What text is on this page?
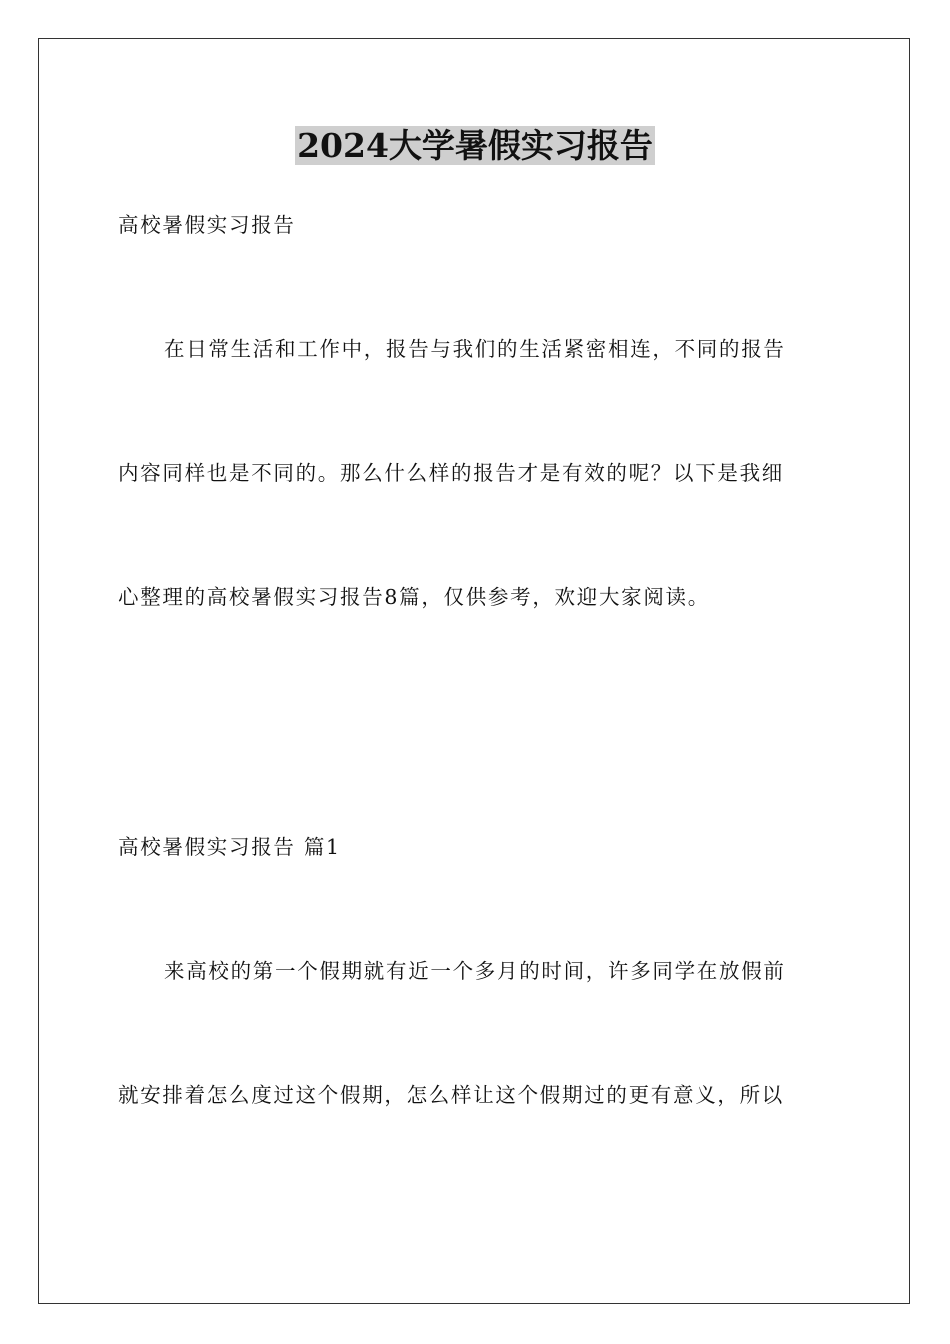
2024大学暑假实习报告

高校暑假实习报告

在日常生活和工作中，报告与我们的生活紧密相连，不同的报告

内容同样也是不同的。那么什么样的报告才是有效的呢？以下是我细

心整理的高校暑假实习报告8篇，仅供参考，欢迎大家阅读。

高校暑假实习报告 篇1

来高校的第一个假期就有近一个多月的时间，许多同学在放假前

就安排着怎么度过这个假期，怎么样让这个假期过的更有意义，所以
